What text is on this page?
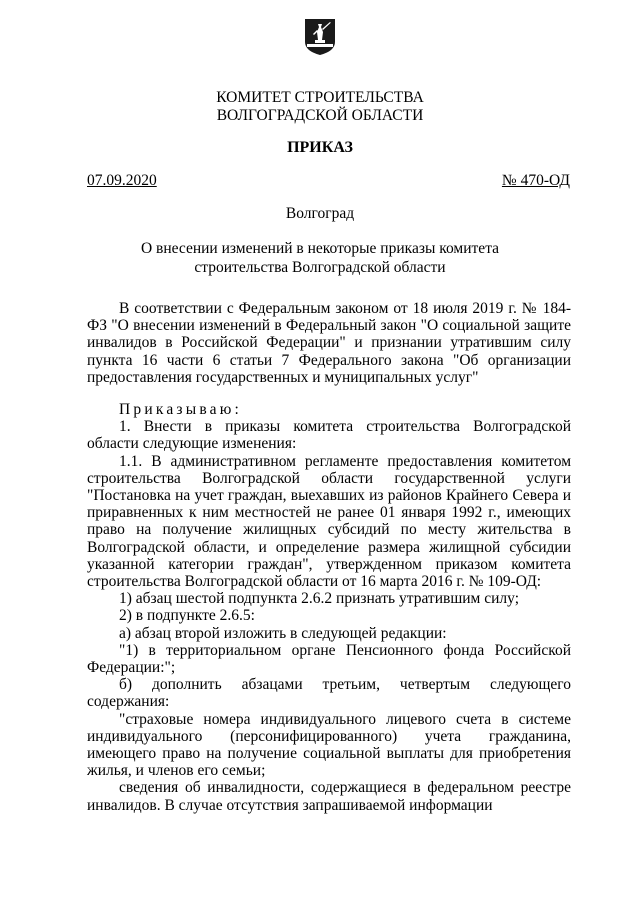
КОМИТЕТ СТРОИТЕЛЬСТВА
ВОЛГОГРАДСКОЙ ОБЛАСТИ
ПРИКАЗ
07.09.2020	№ 470-ОД
Волгоград
О внесении изменений в некоторые приказы комитета строительства Волгоградской области

В соответствии с Федеральным законом от 18 июля 2019 г. № 184-ФЗ "О внесении изменений в Федеральный закон "О социальной защите инвалидов в Российской Федерации" и признании утратившим силу пункта 16 части 6 статьи 7 Федерального закона "Об организации предоставления государственных и муниципальных услуг"

Приказываю:

1. Внести в приказы комитета строительства Волгоградской области следующие изменения:

1.1. В административном регламенте предоставления комитетом строительства Волгоградской области государственной услуги "Постановка на учет граждан, выехавших из районов Крайнего Севера и приравненных к ним местностей не ранее 01 января 1992 г., имеющих право на получение жилищных субсидий по месту жительства в Волгоградской области, и определение размера жилищной субсидии указанной категории граждан", утвержденном приказом комитета строительства Волгоградской области от 16 марта 2016 г. № 109-ОД:

1) абзац шестой подпункта 2.6.2 признать утратившим силу;

2) в подпункте 2.6.5:

а) абзац второй изложить в следующей редакции:

"1) в территориальном органе Пенсионного фонда Российской Федерации:";

б) дополнить абзацами третьим, четвертым следующего содержания:

"страховые номера индивидуального лицевого счета в системе индивидуального (персонифицированного) учета гражданина, имеющего право на получение социальной выплаты для приобретения жилья, и членов его семьи;

сведения об инвалидности, содержащиеся в федеральном реестре инвалидов. В случае отсутствия запрашиваемой информации
